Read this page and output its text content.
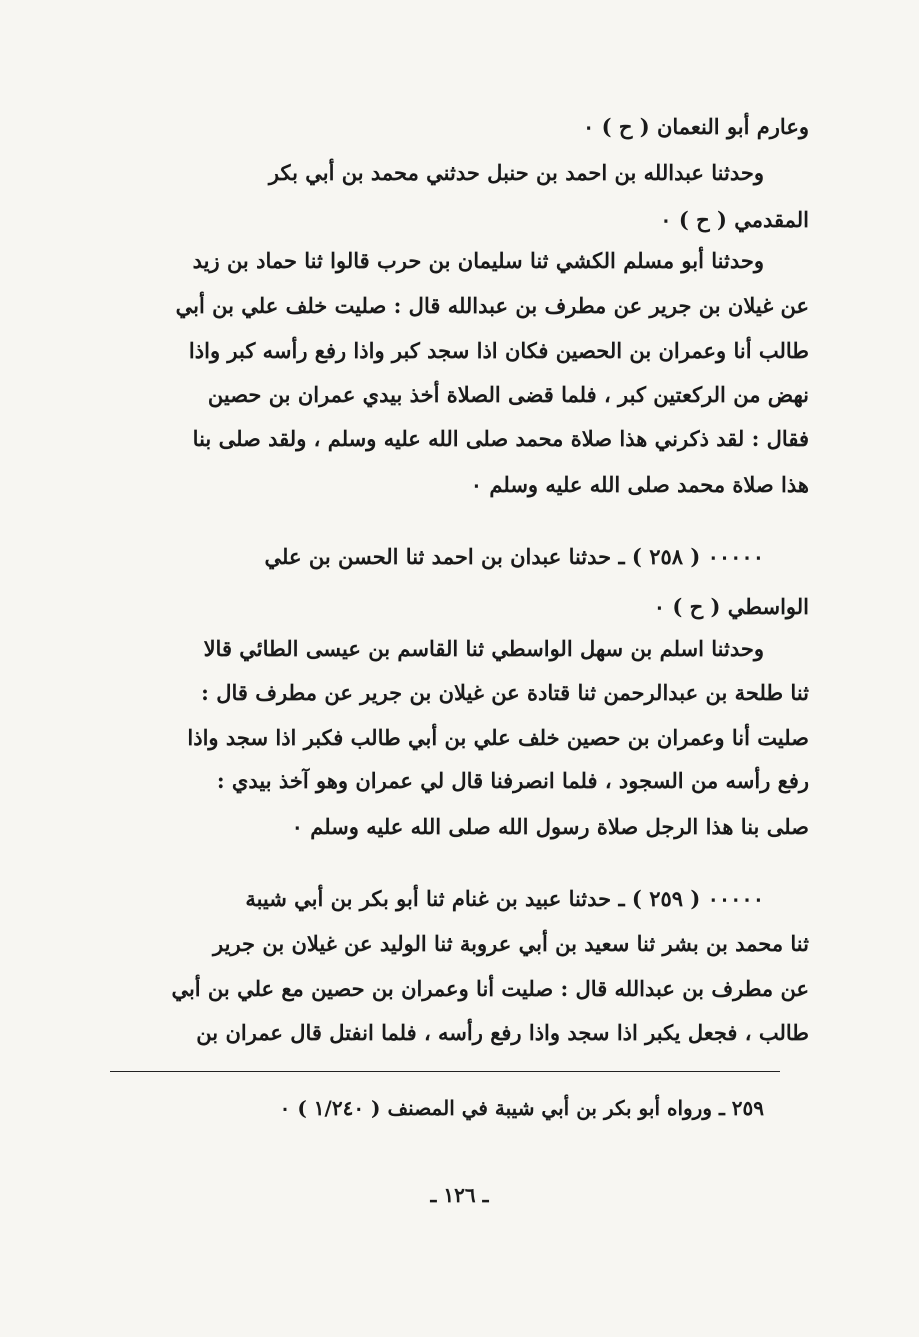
وعارم أبو النعمان ( ح ) ٠
وحدثنا عبدالله بن احمد بن حنبل حدثني محمد بن أبي بكر
المقدمي ( ح ) ٠
وحدثنا أبو مسلم الكشي ثنا سليمان بن حرب قالوا ثنا حماد بن زيد
عن غيلان بن جرير عن مطرف بن عبدالله قال : صليت خلف علي بن أبي
طالب أنا وعمران بن الحصين فكان اذا سجد كبر واذا رفع رأسه كبر واذا
نهض من الركعتين كبر ، فلما قضى الصلاة أخذ بيدي عمران بن حصين
فقال : لقد ذكرني هذا صلاة محمد صلى الله عليه وسلم ، ولقد صلى بنا
هذا صلاة محمد صلى الله عليه وسلم ٠
٠٠٠٠٠ ( ٢٥٨ ) ـ حدثنا عبدان بن احمد ثنا الحسن بن علي
الواسطي ( ح ) ٠
وحدثنا اسلم بن سهل الواسطي ثنا القاسم بن عيسى الطائي قالا
ثنا طلحة بن عبدالرحمن ثنا قتادة عن غيلان بن جرير عن مطرف قال :
صليت أنا وعمران بن حصين خلف علي بن أبي طالب فكبر اذا سجد واذا
رفع رأسه من السجود ، فلما انصرفنا قال لي عمران وهو آخذ بيدي :
صلى بنا هذا الرجل صلاة رسول الله صلى الله عليه وسلم ٠
٠٠٠٠٠ ( ٢٥٩ ) ـ حدثنا عبيد بن غنام ثنا أبو بكر بن أبي شيبة
ثنا محمد بن بشر ثنا سعيد بن أبي عروبة ثنا الوليد عن غيلان بن جرير
عن مطرف بن عبدالله قال : صليت أنا وعمران بن حصين مع علي بن أبي
طالب ، فجعل يكبر اذا سجد واذا رفع رأسه ، فلما انفتل قال عمران بن
٢٥٩ ـ ورواه أبو بكر بن أبي شيبة في المصنف ( ١/٢٤٠ ) ٠
ـ ١٢٦ ـ
